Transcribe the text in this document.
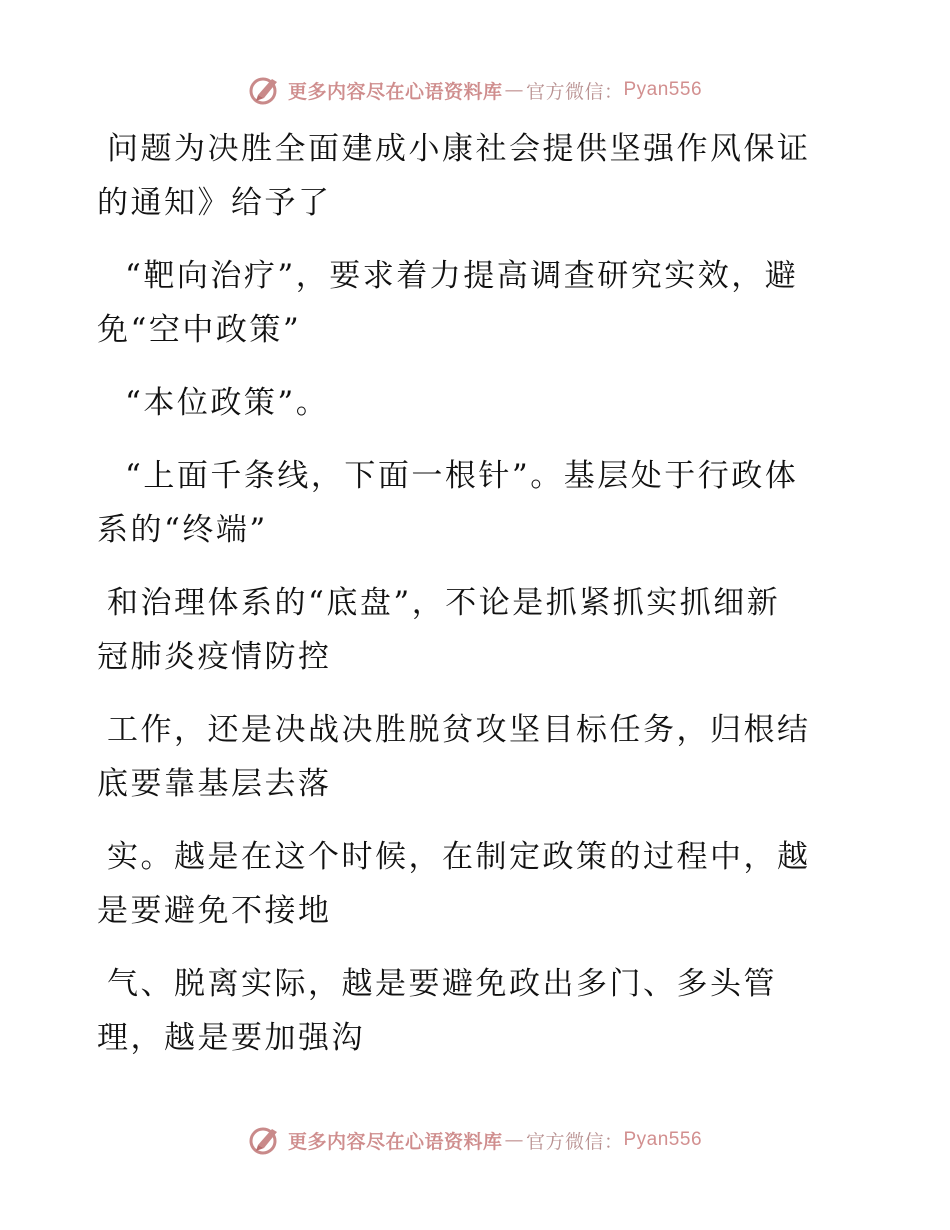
更多内容尽在心语资料库 — 官方微信： Pyan556
问题为决胜全面建成小康社会提供坚强作风保证
的通知》给予了
“靶向治疗”，要求着力提高调查研究实效，避
免“空中政策”
“本位政策”。
“上面千条线，下面一根针”。基层处于行政体
系的“终端”
和治理体系的“底盘”，不论是抓紧抓实抓细新
冠肺炎疫情防控
工作，还是决战决胜脱贫攻坚目标任务，归根结
底要靠基层去落
实。越是在这个时候，在制定政策的过程中，越
是要避免不接地
气、脱离实际，越是要避免政出多门、多头管
理，越是要加强沟
更多内容尽在心语资料库 — 官方微信： Pyan556
